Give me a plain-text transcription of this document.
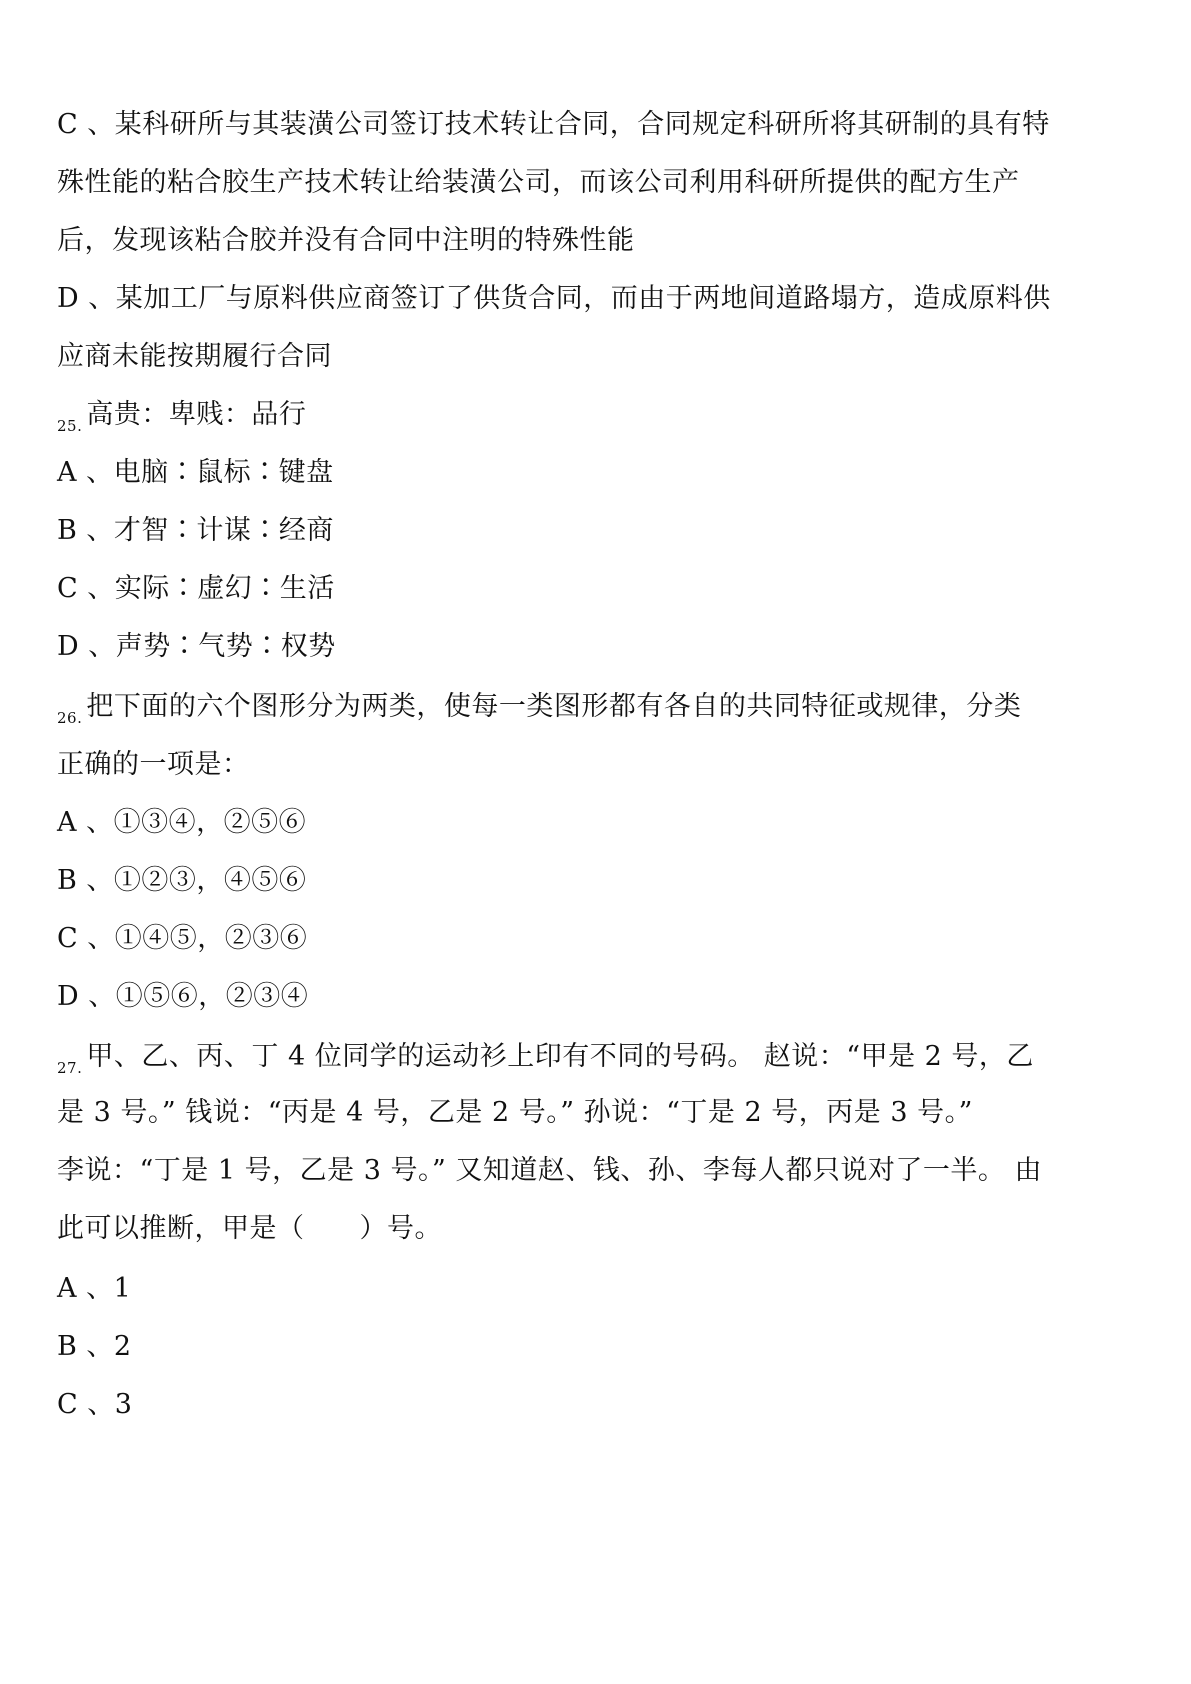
C 、某科研所与其装潢公司签订技术转让合同，合同规定科研所将其研制的具有特
殊性能的粘合胶生产技术转让给装潢公司，而该公司利用科研所提供的配方生产
后，发现该粘合胶并没有合同中注明的特殊性能
D 、某加工厂与原料供应商签订了供货合同，而由于两地间道路塌方，造成原料供
应商未能按期履行合同
$_{25.}$ 高贵：卑贱：品行
A 、电脑∶鼠标∶键盘
B 、才智∶计谋∶经商
C 、实际∶虚幻∶生活
D 、声势∶气势∶权势
$_{26.}$ 把下面的六个图形分为两类，使每一类图形都有各自的共同特征或规律，分类
正确的一项是：
A 、①③④，②⑤⑥
B 、①②③，④⑤⑥
C 、①④⑤，②③⑥
D 、①⑤⑥，②③④
$_{27.}$ 甲、乙、丙、丁 4 位同学的运动衫上印有不同的号码。 赵说：“甲是 2 号，乙
是 3 号。” 钱说：“丙是 4 号，乙是 2 号。” 孙说：“丁是 2 号，丙是 3 号。”
李说：“丁是 1 号，乙是 3 号。” 又知道赵、钱、孙、李每人都只说对了一半。 由
此可以推断，甲是（　　）号。
A 、1
B 、2
C 、3
